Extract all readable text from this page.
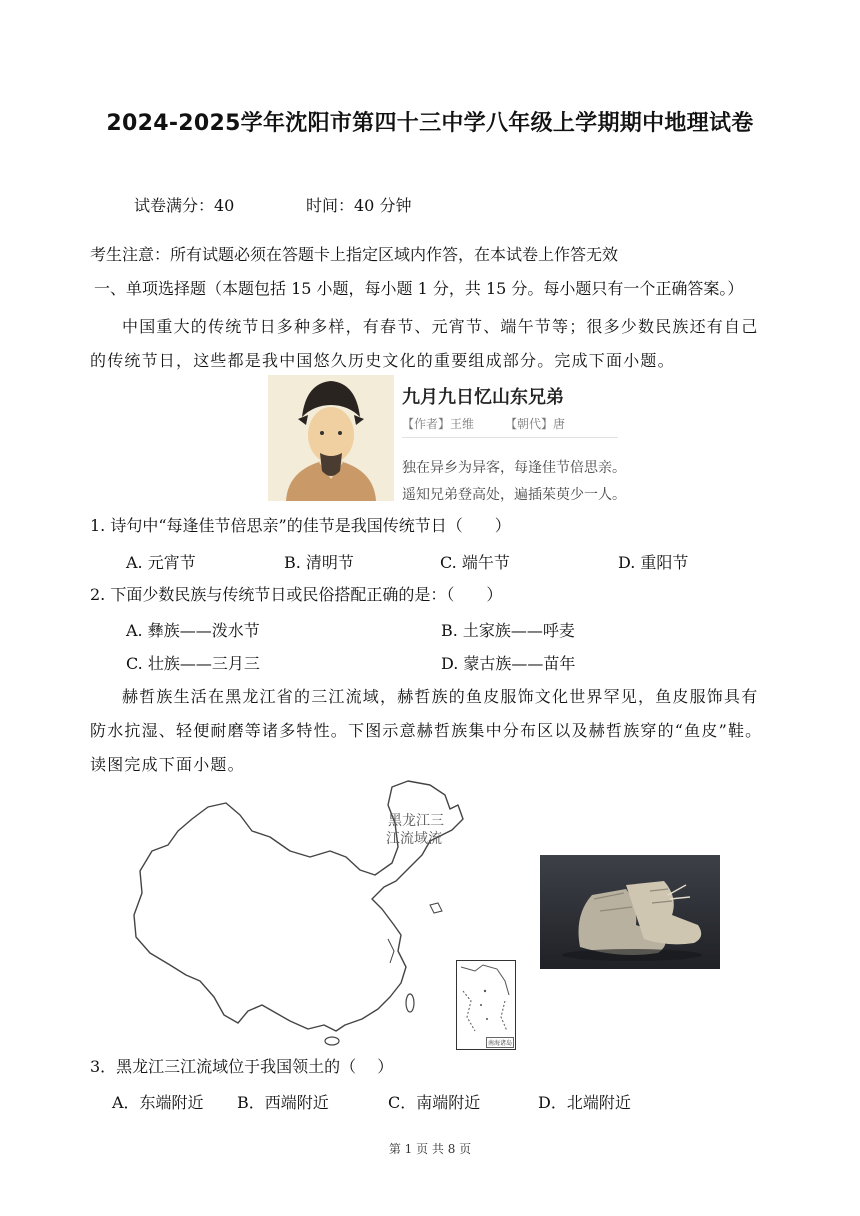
2024-2025学年沈阳市第四十三中学八年级上学期期中地理试卷
试卷满分：40	时间：40 分钟
考生注意：所有试题必须在答题卡上指定区域内作答，在本试卷上作答无效
一、单项选择题（本题包括 15 小题，每小题 1 分，共 15 分。每小题只有一个正确答案。）
中国重大的传统节日多种多样，有春节、元宵节、端午节等；很多少数民族还有自己的传统节日，这些都是我中国悠久历史文化的重要组成部分。完成下面小题。
九月九日忆山东兄弟
【作者】王维	【朝代】唐
独在异乡为异客，每逢佳节倍思亲。
遥知兄弟登高处，遍插茱萸少一人。
1. 诗句中“每逢佳节倍思亲”的佳节是我国传统节日（　　）
A. 元宵节	B. 清明节	C. 端午节	D. 重阳节
2. 下面少数民族与传统节日或民俗搭配正确的是：（　　）
A. 彝族——泼水节	B. 土家族——呼麦
C. 壮族——三月三	D. 蒙古族——苗年
赫哲族生活在黑龙江省的三江流域，赫哲族的鱼皮服饰文化世界罕见，鱼皮服饰具有防水抗湿、轻便耐磨等诸多特性。下图示意赫哲族集中分布区以及赫哲族穿的“鱼皮”鞋。读图完成下面小题。
黑龙江三
江流域流
南海诸岛
3．黑龙江三江流域位于我国领土的（　 ）
A．东端附近 B．西端附近	C．南端附近	D．北端附近
第 1 页 共 8 页
